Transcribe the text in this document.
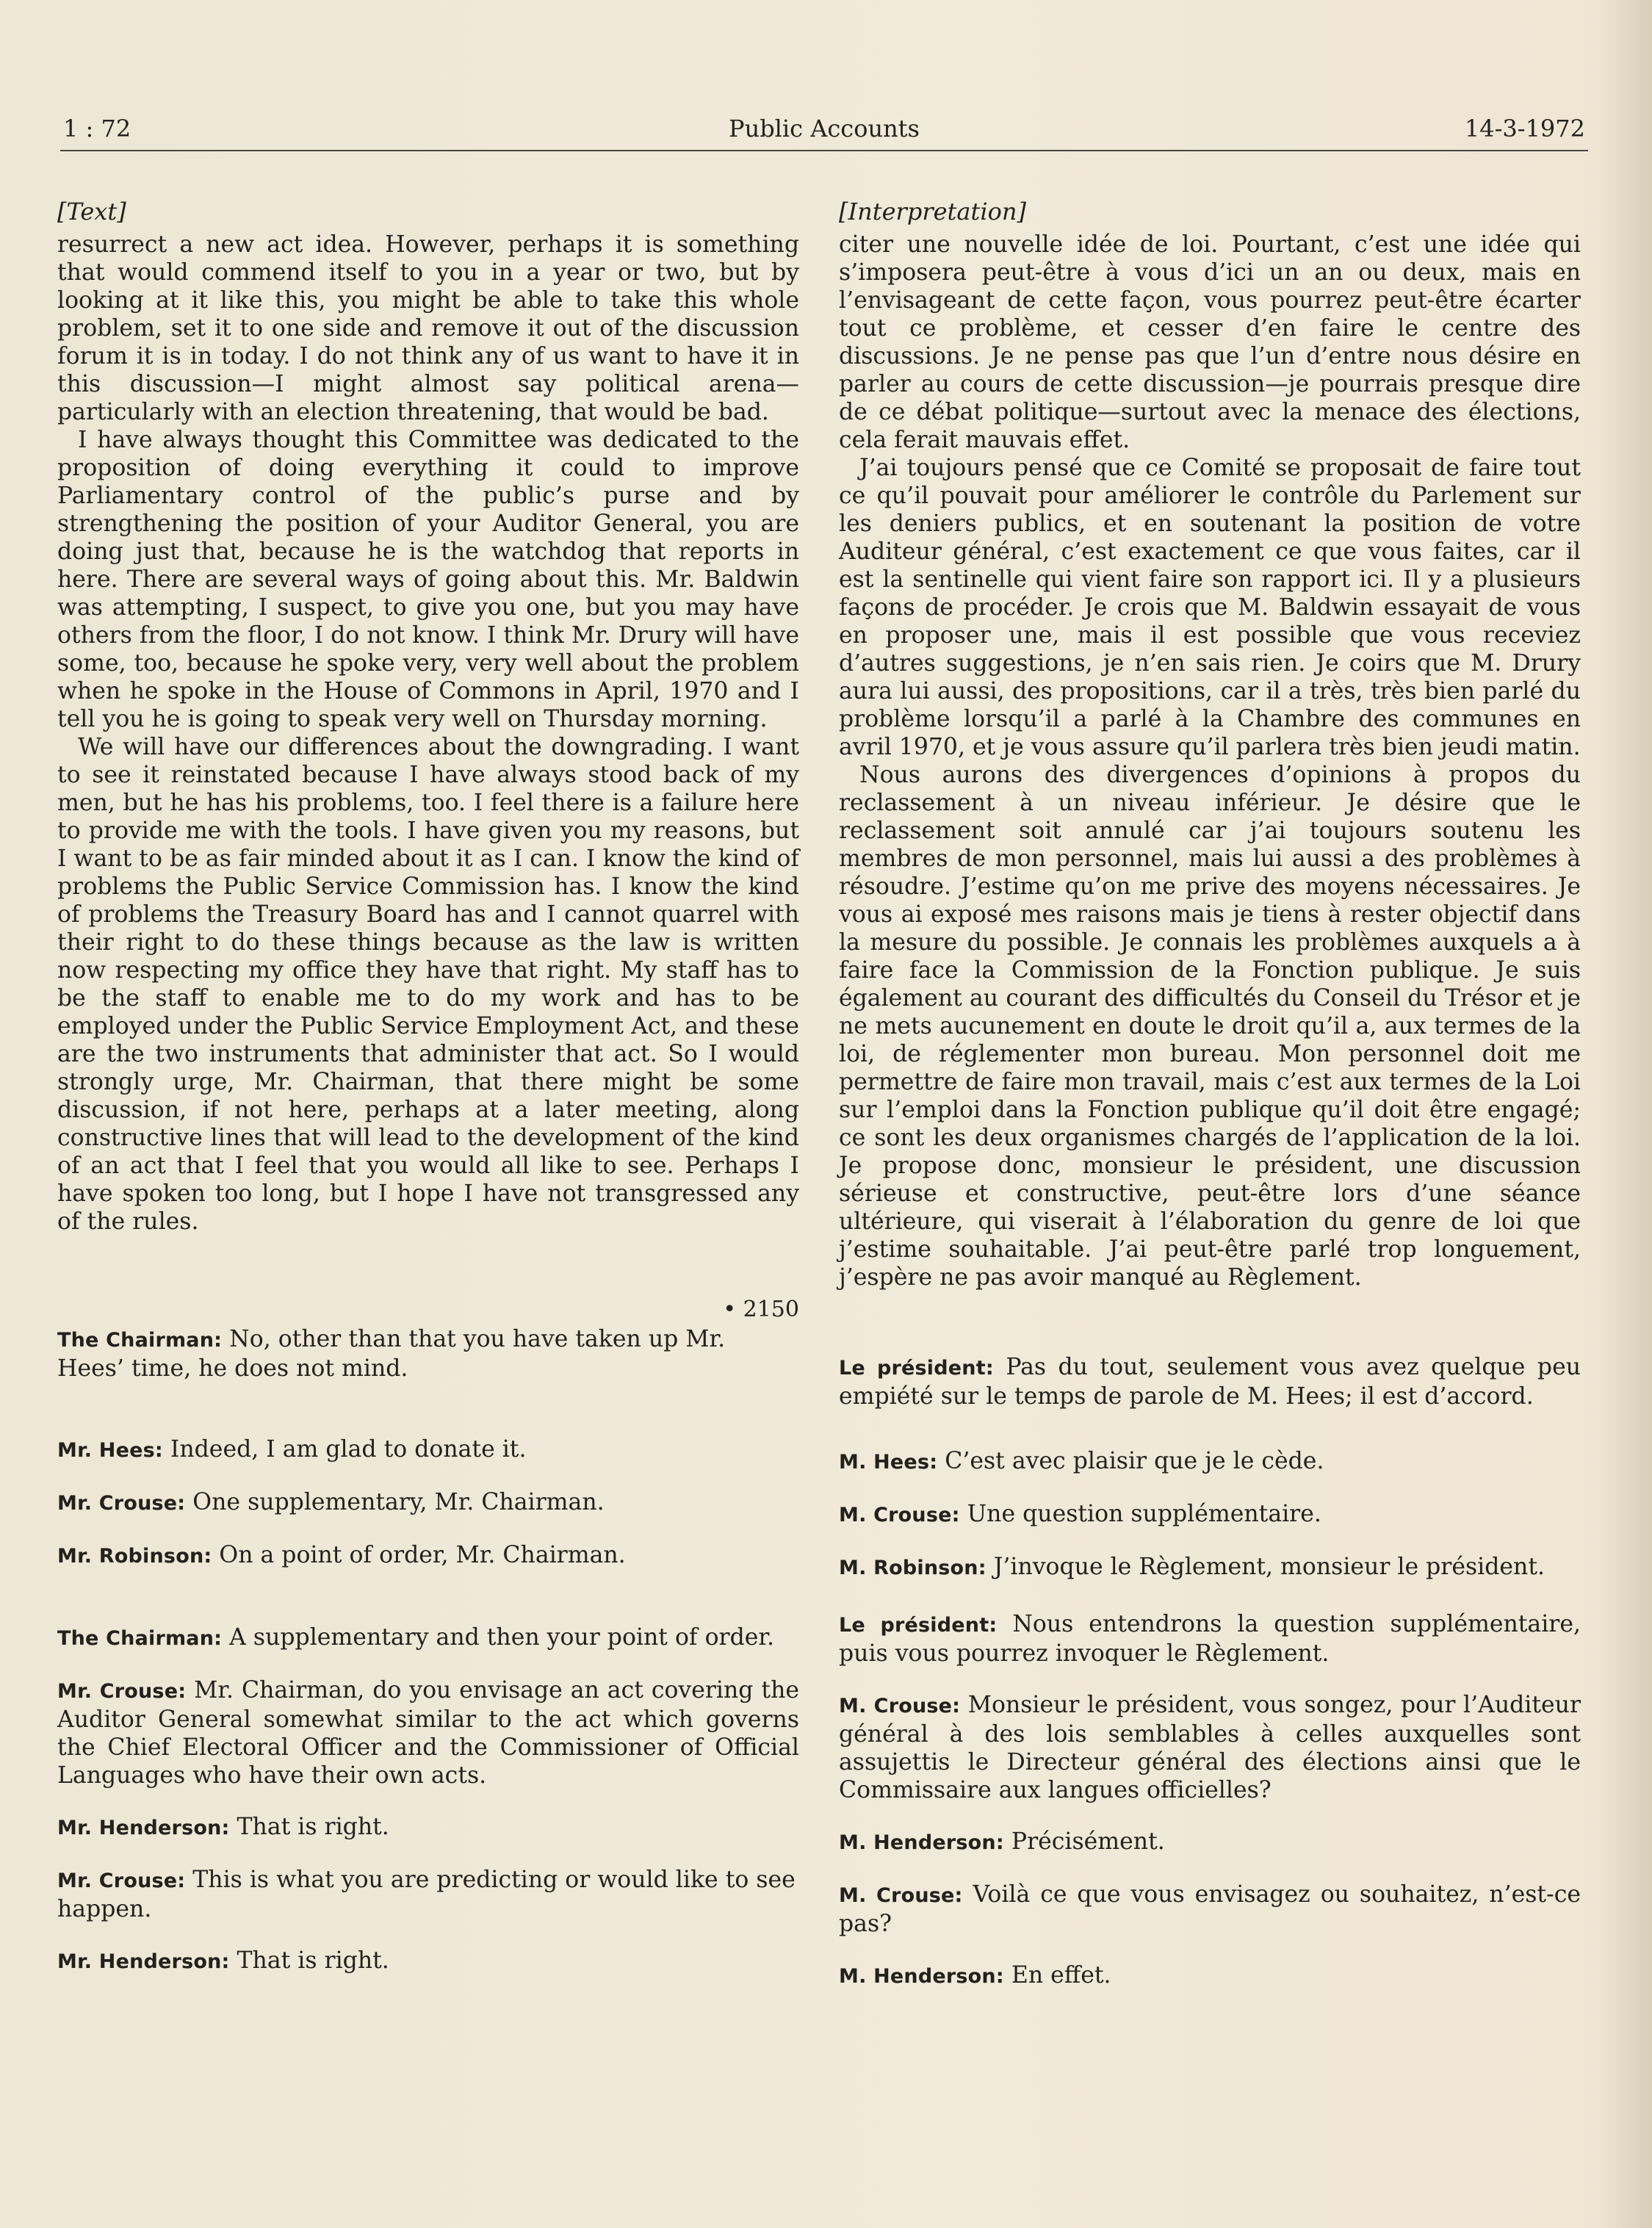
1 : 72	Public Accounts	14-3-1972
[Text]

resurrect a new act idea. However, perhaps it is something that would commend itself to you in a year or two, but by looking at it like this, you might be able to take this whole problem, set it to one side and remove it out of the discussion forum it is in today. I do not think any of us want to have it in this discussion—I might almost say political arena—particularly with an election threatening, that would be bad.

I have always thought this Committee was dedicated to the proposition of doing everything it could to improve Parliamentary control of the public’s purse and by strengthening the position of your Auditor General, you are doing just that, because he is the watchdog that reports in here. There are several ways of going about this. Mr. Baldwin was attempting, I suspect, to give you one, but you may have others from the floor, I do not know. I think Mr. Drury will have some, too, because he spoke very, very well about the problem when he spoke in the House of Commons in April, 1970 and I tell you he is going to speak very well on Thursday morning.

We will have our differences about the downgrading. I want to see it reinstated because I have always stood back of my men, but he has his problems, too. I feel there is a failure here to provide me with the tools. I have given you my reasons, but I want to be as fair minded about it as I can. I know the kind of problems the Public Service Commission has. I know the kind of problems the Treasury Board has and I cannot quarrel with their right to do these things because as the law is written now respecting my office they have that right. My staff has to be the staff to enable me to do my work and has to be employed under the Public Service Employment Act, and these are the two instruments that administer that act. So I would strongly urge, Mr. Chairman, that there might be some discussion, if not here, perhaps at a later meeting, along constructive lines that will lead to the development of the kind of an act that I feel that you would all like to see. Perhaps I have spoken too long, but I hope I have not transgressed any of the rules.

• 2150

The Chairman: No, other than that you have taken up Mr. Hees’ time, he does not mind.

Mr. Hees: Indeed, I am glad to donate it.

Mr. Crouse: One supplementary, Mr. Chairman.

Mr. Robinson: On a point of order, Mr. Chairman.

The Chairman: A supplementary and then your point of order.

Mr. Crouse: Mr. Chairman, do you envisage an act covering the Auditor General somewhat similar to the act which governs the Chief Electoral Officer and the Commissioner of Official Languages who have their own acts.

Mr. Henderson: That is right.

Mr. Crouse: This is what you are predicting or would like to see happen.

Mr. Henderson: That is right.

[Interpretation]

citer une nouvelle idée de loi. Pourtant, c’est une idée qui s’imposera peut-être à vous d’ici un an ou deux, mais en l’envisageant de cette façon, vous pourrez peut-être écarter tout ce problème, et cesser d’en faire le centre des discussions. Je ne pense pas que l’un d’entre nous désire en parler au cours de cette discussion—je pourrais presque dire de ce débat politique—surtout avec la menace des élections, cela ferait mauvais effet.

J’ai toujours pensé que ce Comité se proposait de faire tout ce qu’il pouvait pour améliorer le contrôle du Parlement sur les deniers publics, et en soutenant la position de votre Auditeur général, c’est exactement ce que vous faites, car il est la sentinelle qui vient faire son rapport ici. Il y a plusieurs façons de procéder. Je crois que M. Baldwin essayait de vous en proposer une, mais il est possible que vous receviez d’autres suggestions, je n’en sais rien. Je coirs que M. Drury aura lui aussi, des propositions, car il a très, très bien parlé du problème lorsqu’il a parlé à la Chambre des communes en avril 1970, et je vous assure qu’il parlera très bien jeudi matin.

Nous aurons des divergences d’opinions à propos du reclassement à un niveau inférieur. Je désire que le reclassement soit annulé car j’ai toujours soutenu les membres de mon personnel, mais lui aussi a des problèmes à résoudre. J’estime qu’on me prive des moyens nécessaires. Je vous ai exposé mes raisons mais je tiens à rester objectif dans la mesure du possible. Je connais les problèmes auxquels a à faire face la Commission de la Fonction publique. Je suis également au courant des difficultés du Conseil du Trésor et je ne mets aucunement en doute le droit qu’il a, aux termes de la loi, de réglementer mon bureau. Mon personnel doit me permettre de faire mon travail, mais c’est aux termes de la Loi sur l’emploi dans la Fonction publique qu’il doit être engagé; ce sont les deux organismes chargés de l’application de la loi. Je propose donc, monsieur le président, une discussion sérieuse et constructive, peut-être lors d’une séance ultérieure, qui viserait à l’élaboration du genre de loi que j’estime souhaitable. J’ai peut-être parlé trop longuement, j’espère ne pas avoir manqué au Règlement.

Le président: Pas du tout, seulement vous avez quelque peu empiété sur le temps de parole de M. Hees; il est d’accord.

M. Hees: C’est avec plaisir que je le cède.

M. Crouse: Une question supplémentaire.

M. Robinson: J’invoque le Règlement, monsieur le président.

Le président: Nous entendrons la question supplémentaire, puis vous pourrez invoquer le Règlement.

M. Crouse: Monsieur le président, vous songez, pour l’Auditeur général à des lois semblables à celles auxquelles sont assujettis le Directeur général des élections ainsi que le Commissaire aux langues officielles?

M. Henderson: Précisément.

M. Crouse: Voilà ce que vous envisagez ou souhaitez, n’est-ce pas?

M. Henderson: En effet.
